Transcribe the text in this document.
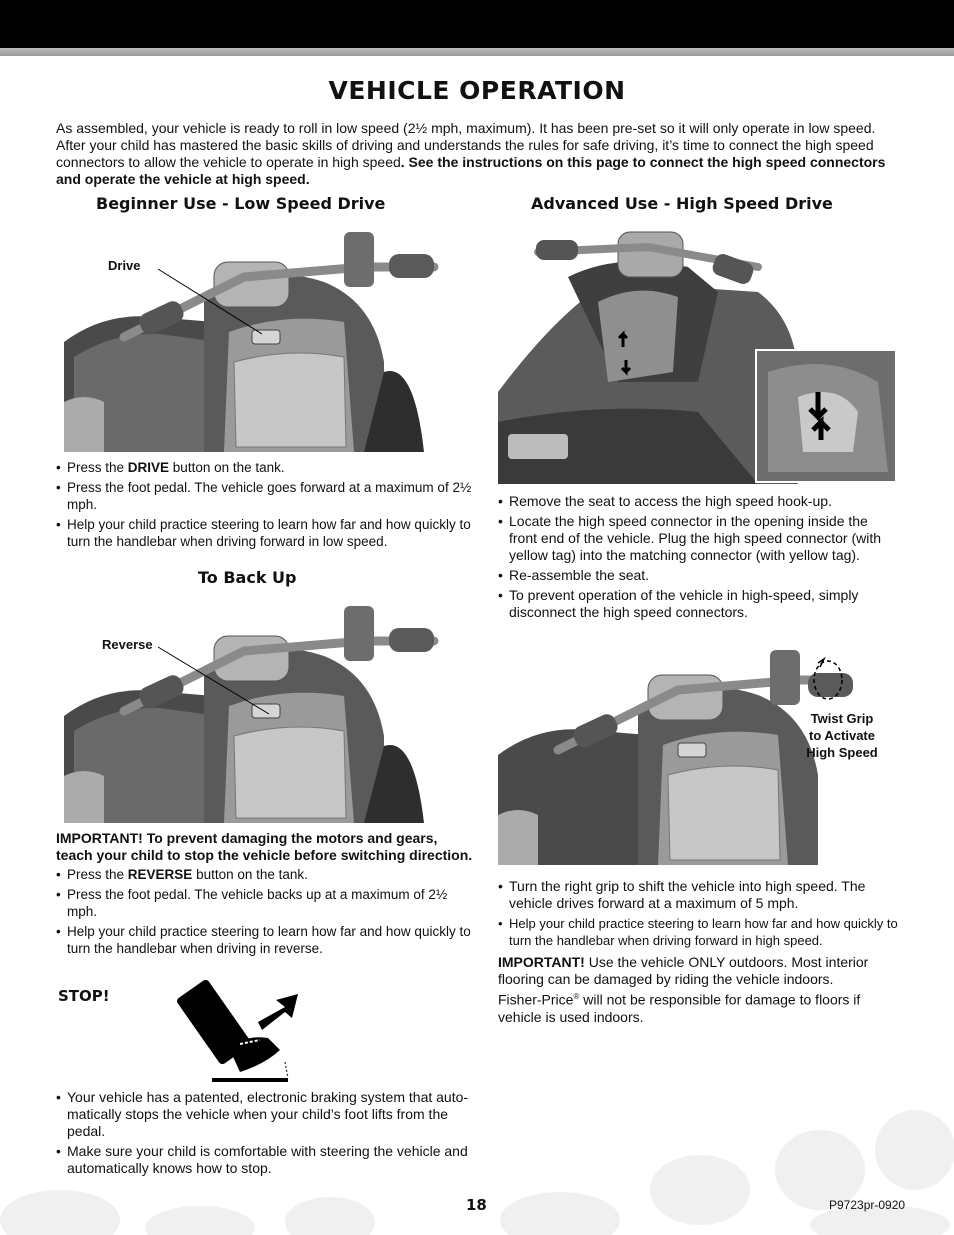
VEHICLE OPERATION

As assembled, your vehicle is ready to roll in low speed (2½ mph, maximum). It has been pre-set so it will only operate in low speed. After your child has mastered the basic skills of driving and understands the rules for safe driving, it’s time to connect the high speed connectors to allow the vehicle to operate in high speed. See the instructions on this page to connect the high speed connectors and operate the vehicle at high speed.

Beginner Use - Low Speed Drive
Drive
• Press the DRIVE button on the tank.
• Press the foot pedal. The vehicle goes forward at a maximum of 2½ mph.
• Help your child practice steering to learn how far and how quickly to turn the handlebar when driving forward in low speed.
To Back Up
Reverse

IMPORTANT! To prevent damaging the motors and gears, teach your child to stop the vehicle before switching direction.

• Press the REVERSE button on the tank.
• Press the foot pedal. The vehicle backs up at a maximum of 2½ mph.
• Help your child practice steering to learn how far and how quickly to turn the handlebar when driving in reverse.
STOP!
• Your vehicle has a patented, electronic braking system that auto-matically stops the vehicle when your child’s foot lifts from the pedal.
• Make sure your child is comfortable with steering the vehicle and automatically knows how to stop.
Advanced Use - High Speed Drive
• Remove the seat to access the high speed hook-up.
• Locate the high speed connector in the opening inside the front end of the vehicle. Plug the high speed connector (with yellow tag) into the matching connector (with yellow tag).
• Re-assemble the seat.
• To prevent operation of the vehicle in high-speed, simply disconnect the high speed connectors.
Twist Grip
to Activate
High Speed
• Turn the right grip to shift the vehicle into high speed. The vehicle drives forward at a maximum of 5 mph.
• Help your child practice steering to learn how far and how quickly to turn the handlebar when driving forward in high speed.

IMPORTANT! Use the vehicle ONLY outdoors. Most interior flooring can be damaged by riding the vehicle indoors.
Fisher-Price® will not be responsible for damage to floors if vehicle is used indoors.

18	P9723pr-0920
